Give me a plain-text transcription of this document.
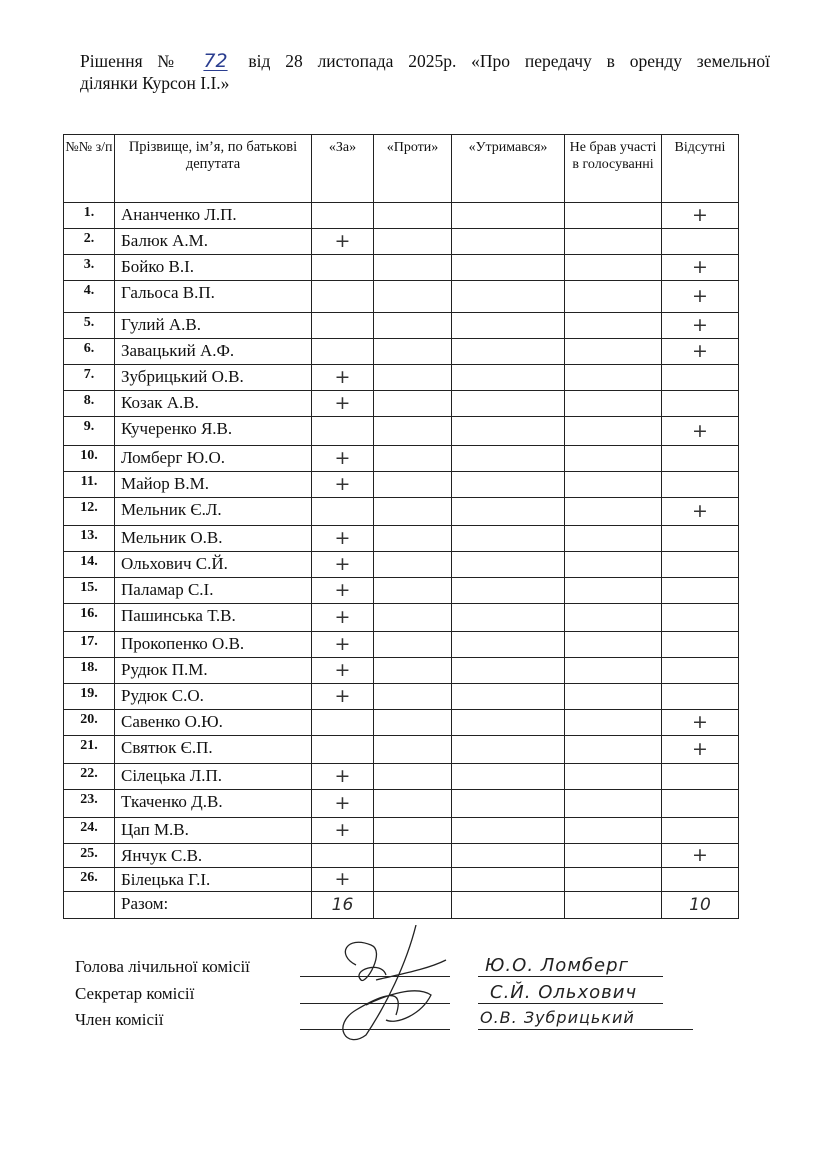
Рішення № 72 від 28 листопада 2025р. «Про передачу в оренду земельної
ділянки Курсон І.І.»
№№ з/п	Прізвище, ім’я, по батькові депутата	«За»	«Проти»	«Утримався»	Не брав участі в голосуванні	Відсутні
1.	Ананченко Л.П.					+
2.	Балюк А.М.	+				
3.	Бойко В.І.					+
4.	Гальоса В.П.					+
5.	Гулий А.В.					+
6.	Завацький А.Ф.					+
7.	Зубрицький О.В.	+				
8.	Козак А.В.	+				
9.	Кучеренко Я.В.					+
10.	Ломберг Ю.О.	+				
11.	Майор В.М.	+				
12.	Мельник Є.Л.					+
13.	Мельник О.В.	+				
14.	Ольхович С.Й.	+				
15.	Паламар С.І.	+				
16.	Пашинська Т.В.	+				
17.	Прокопенко О.В.	+				
18.	Рудюк П.М.	+				
19.	Рудюк С.О.	+				
20.	Савенко О.Ю.					+
21.	Святюк Є.П.					+
22.	Сілецька Л.П.	+				
23.	Ткаченко Д.В.	+				
24.	Цап М.В.	+				
25.	Янчук С.В.					+
26.	Білецька Г.І.	+				
	Разом:	16				10
Голова лічильної комісії
Секретар комісії
Член комісії
Ю.О. Ломберг
С.Й. Ольхович
О.В. Зубрицький
